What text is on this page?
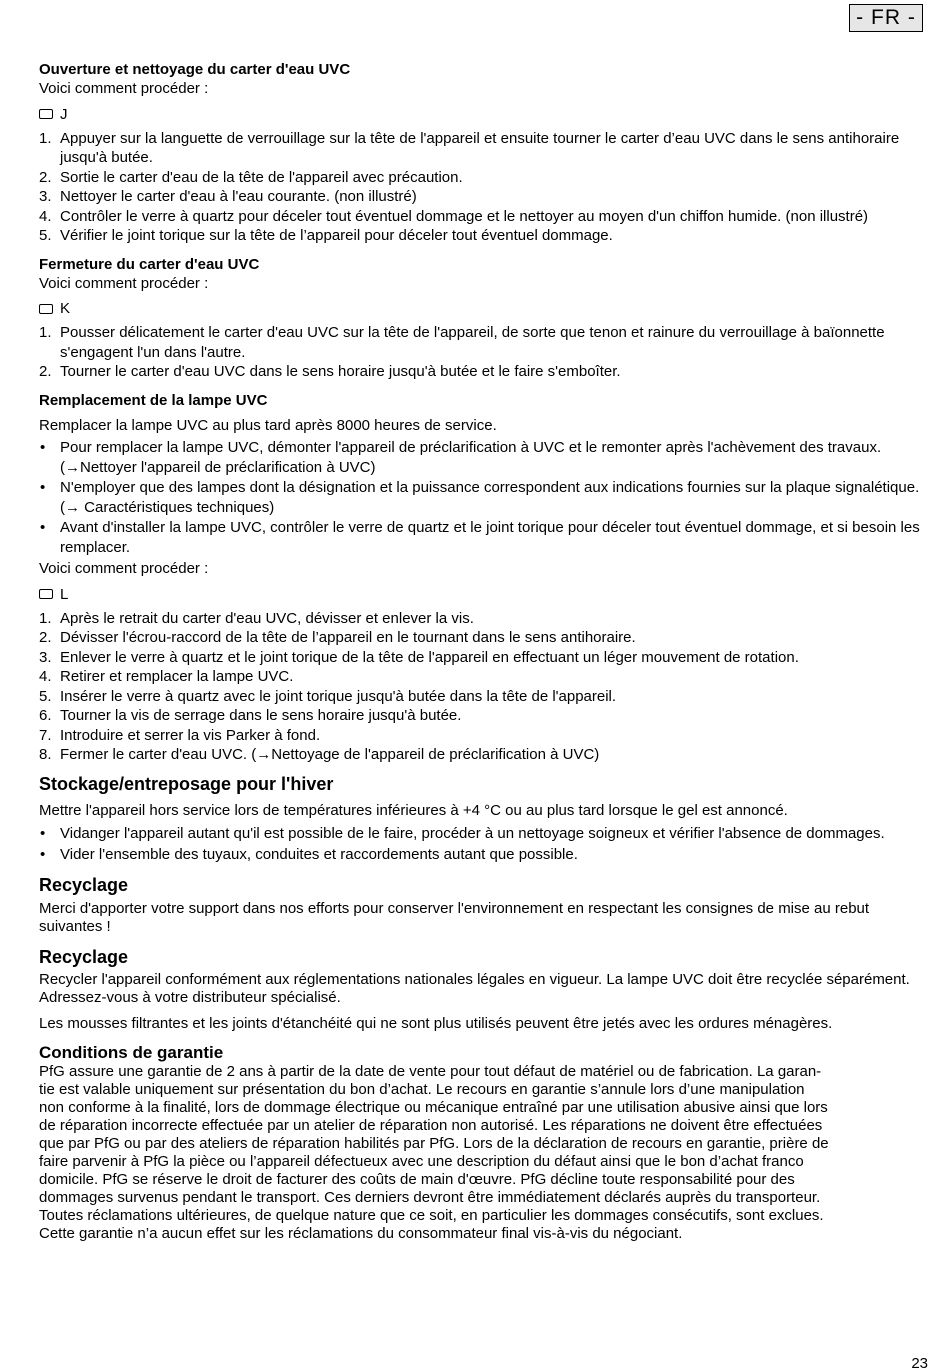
- FR -
Ouverture et nettoyage du carter d'eau UVC

Voici comment procéder :

J
1. Appuyer sur la languette de verrouillage sur la tête de l'appareil et ensuite tourner le carter d’eau UVC dans le sens antihoraire jusqu'à butée.
2. Sortie le carter d'eau de la tête de l'appareil avec précaution.
3. Nettoyer le carter d'eau à l'eau courante. (non illustré)
4. Contrôler le verre à quartz pour déceler tout éventuel dommage et le nettoyer au moyen d'un chiffon humide. (non illustré)
5. Vérifier le joint torique sur la tête de l’appareil pour déceler tout éventuel dommage.
Fermeture du carter d'eau UVC

Voici comment procéder :

K
1. Pousser délicatement le carter d'eau UVC sur la tête de l'appareil, de sorte que tenon et rainure du verrouillage à baïonnette s'engagent l'un dans l'autre.
2. Tourner le carter d'eau UVC dans le sens horaire jusqu'à butée et le faire s'emboîter.
Remplacement de la lampe UVC

Remplacer la lampe UVC au plus tard après 8000 heures de service.

• Pour remplacer la lampe UVC, démonter l'appareil de préclarification à UVC et le remonter après l'achèvement des travaux. (→Nettoyer l'appareil de préclarification à UVC)
• N'employer que des lampes dont la désignation et la puissance correspondent aux indications fournies sur la plaque signalétique. (→ Caractéristiques techniques)
• Avant d'installer la lampe UVC, contrôler le verre de quartz et le joint torique pour déceler tout éventuel dommage, et si besoin les remplacer.

Voici comment procéder :

L
1. Après le retrait du carter d'eau UVC, dévisser et enlever la vis.
2. Dévisser l'écrou-raccord de la tête de l’appareil en le tournant dans le sens antihoraire.
3. Enlever le verre à quartz et le joint torique de la tête de l'appareil en effectuant un léger mouvement de rotation.
4. Retirer et remplacer la lampe UVC.
5. Insérer le verre à quartz avec le joint torique jusqu'à butée dans la tête de l'appareil.
6. Tourner la vis de serrage dans le sens horaire jusqu'à butée.
7. Introduire et serrer la vis Parker à fond.
8. Fermer le carter d'eau UVC. (→Nettoyage de l'appareil de préclarification à UVC)
Stockage/entreposage pour l'hiver

Mettre l'appareil hors service lors de températures inférieures à +4 °C ou au plus tard lorsque le gel est annoncé.

• Vidanger l'appareil autant qu'il est possible de le faire, procéder à un nettoyage soigneux et vérifier l'absence de dommages.
• Vider l'ensemble des tuyaux, conduites et raccordements autant que possible.
Recyclage

Merci d'apporter votre support dans nos efforts pour conserver l'environnement en respectant les consignes de mise au rebut suivantes !

Recyclage

Recycler l'appareil conformément aux réglementations nationales légales en vigueur. La lampe UVC doit être recyclée séparément. Adressez-vous à votre distributeur spécialisé.

Les mousses filtrantes et les joints d'étanchéité qui ne sont plus utilisés peuvent être jetés avec les ordures ménagères.

Conditions de garantie
PfG assure une garantie de 2 ans à partir de la date de vente pour tout défaut de matériel ou de fabrication. La garan-
tie est valable uniquement sur présentation du bon d’achat. Le recours en garantie s’annule lors d’une manipulation
non conforme à la finalité, lors de dommage électrique ou mécanique entraîné par une utilisation abusive ainsi que lors
de réparation incorrecte effectuée par un atelier de réparation non autorisé. Les réparations ne doivent être effectuées
que par PfG ou par des ateliers de réparation habilités par PfG. Lors de la déclaration de recours en garantie, prière de
faire parvenir à PfG la pièce ou l’appareil défectueux avec une description du défaut ainsi que le bon d’achat franco
domicile. PfG se réserve le droit de facturer des coûts de main d'œuvre. PfG décline toute responsabilité pour des
dommages survenus pendant le transport. Ces derniers devront être immédiatement déclarés auprès du transporteur.
Toutes réclamations ultérieures, de quelque nature que ce soit, en particulier les dommages consécutifs, sont exclues.
Cette garantie n’a aucun effet sur les réclamations du consommateur final vis-à-vis du négociant.
23
